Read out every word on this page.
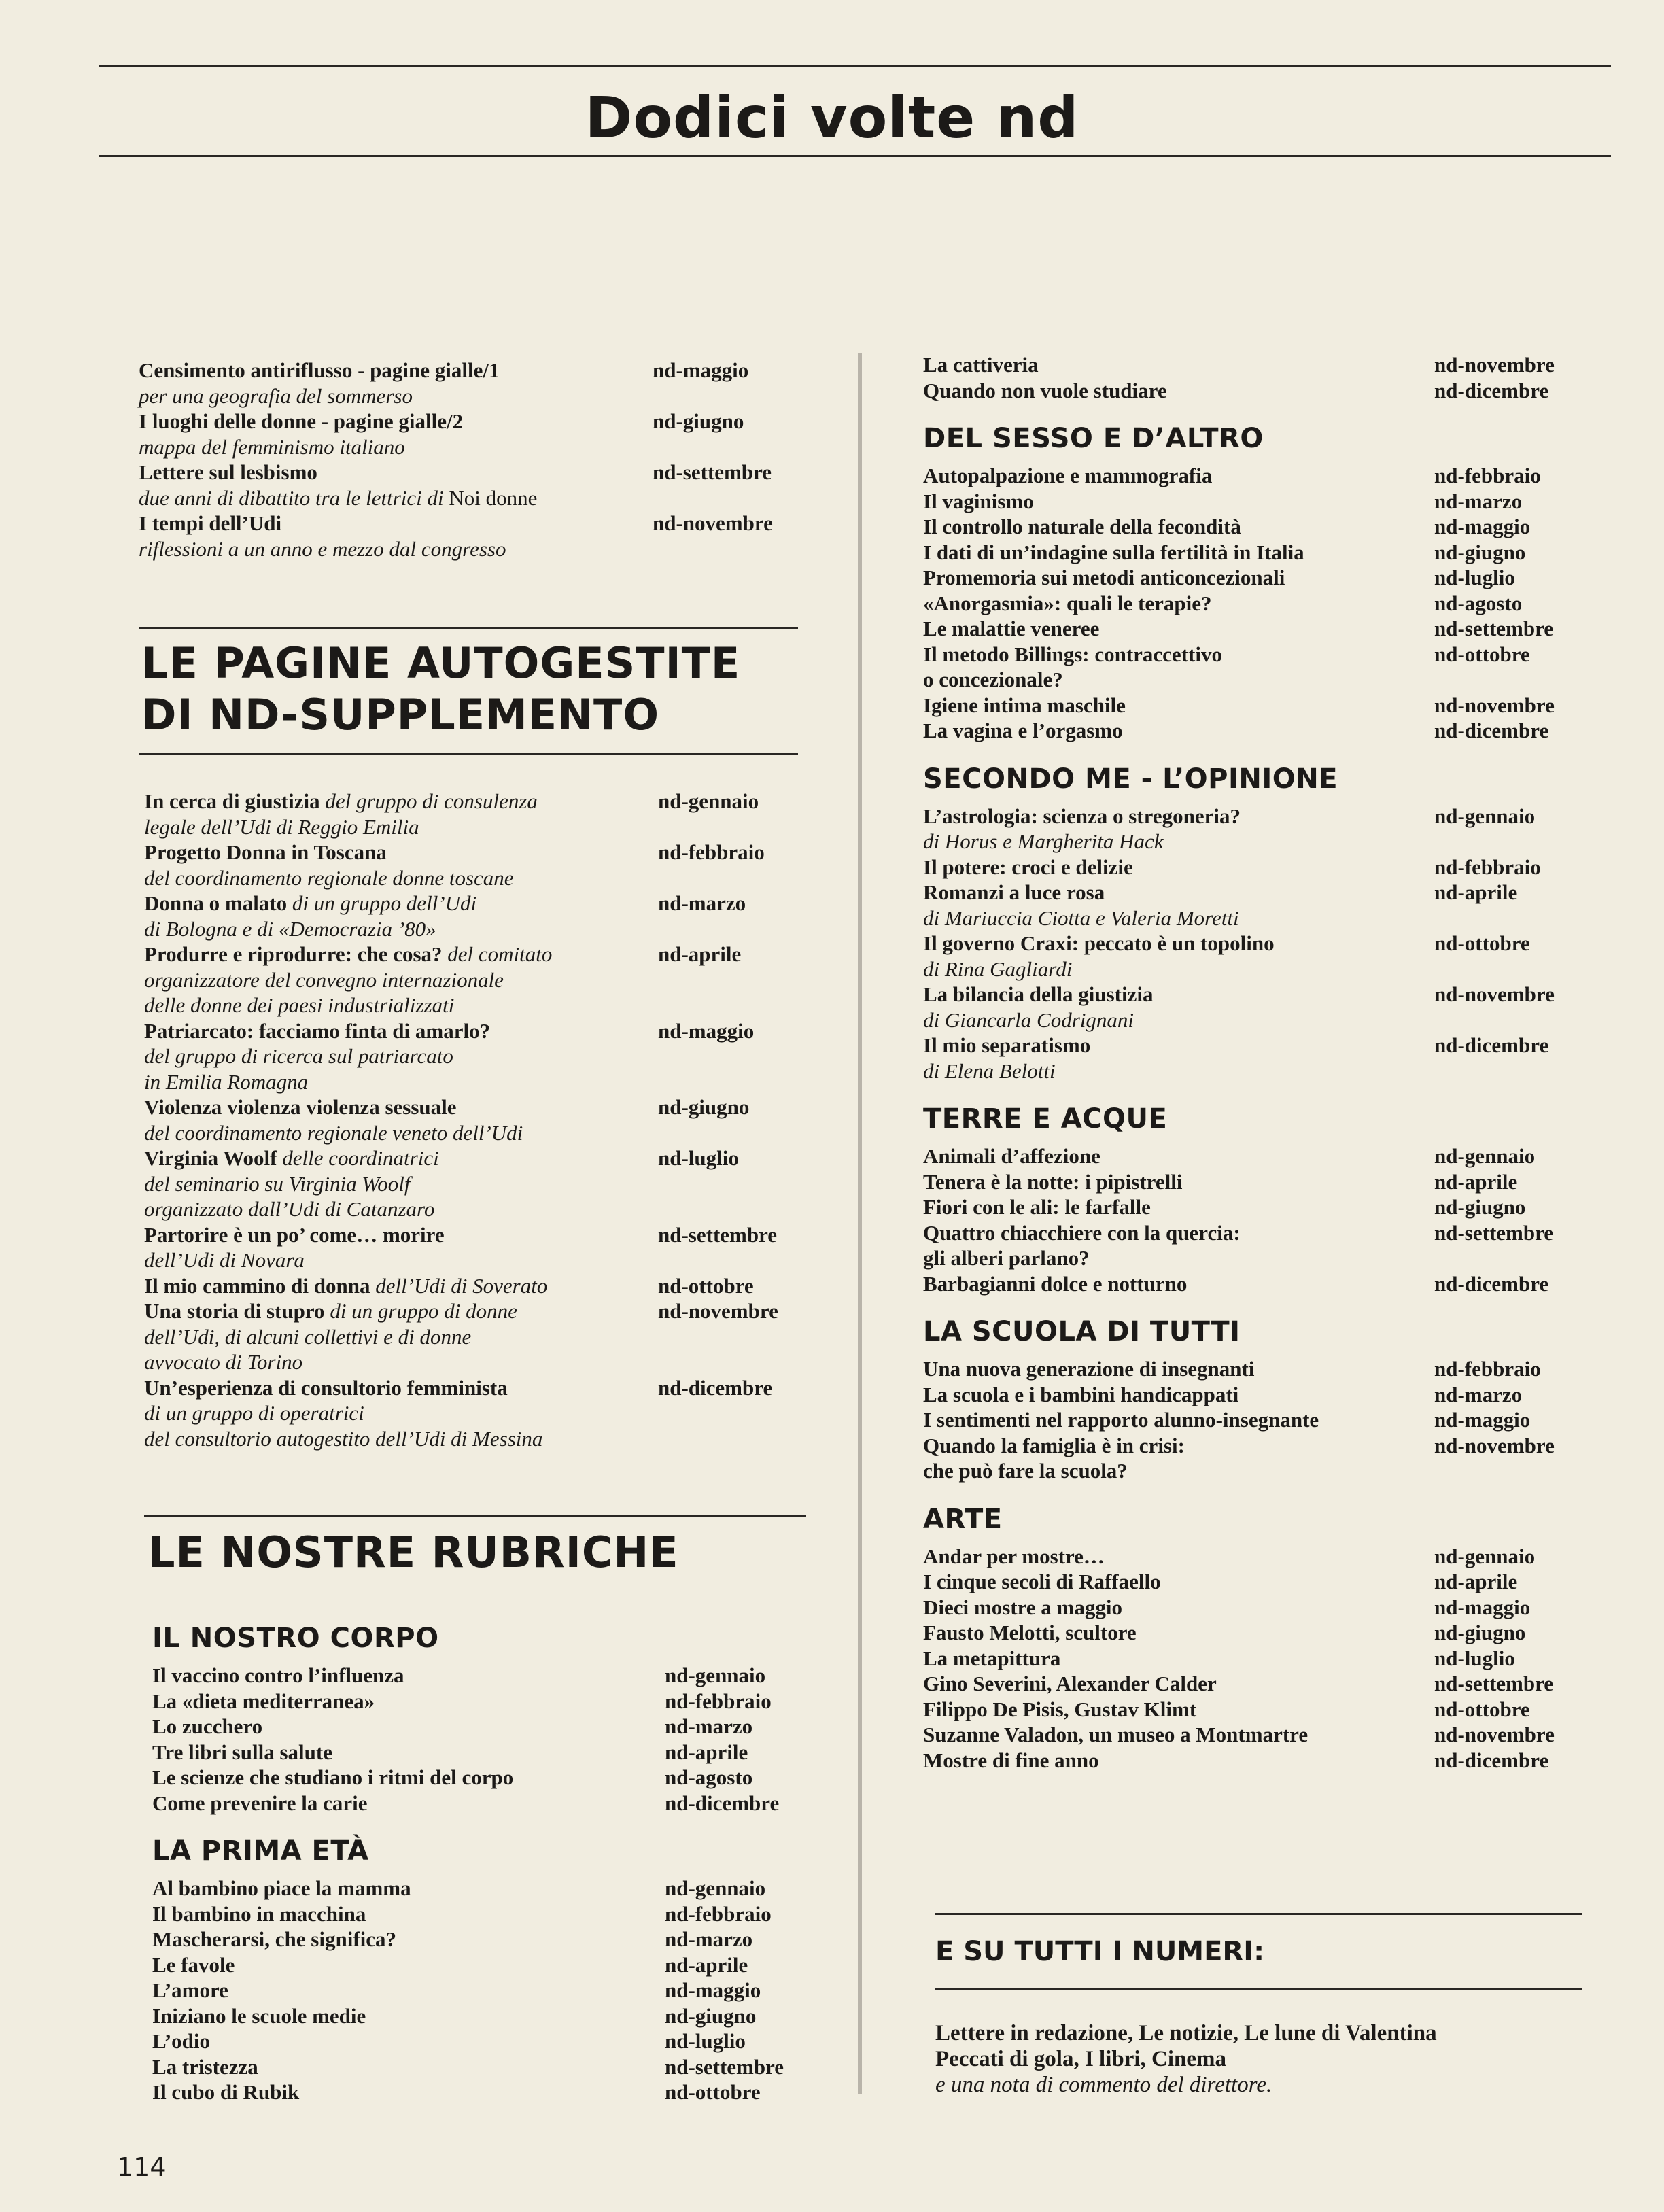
Dodici volte nd
Censimento antiriflusso - pagine gialle/1	nd-maggio
per una geografia del sommerso
I luoghi delle donne - pagine gialle/2	nd-giugno
mappa del femminismo italiano
Lettere sul lesbismo	nd-settembre
due anni di dibattito tra le lettrici di Noi donne
I tempi dell’Udi	nd-novembre
riflessioni a un anno e mezzo dal congresso
LE PAGINE AUTOGESTITE
DI ND-SUPPLEMENTO
In cerca di giustizia del gruppo di consulenza	nd-gennaio
legale dell’Udi di Reggio Emilia
Progetto Donna in Toscana	nd-febbraio
del coordinamento regionale donne toscane
Donna o malato di un gruppo dell’Udi	nd-marzo
di Bologna e di «Democrazia ’80»
Produrre e riprodurre: che cosa? del comitato	nd-aprile
organizzatore del convegno internazionale
delle donne dei paesi industrializzati
Patriarcato: facciamo finta di amarlo?	nd-maggio
del gruppo di ricerca sul patriarcato
in Emilia Romagna
Violenza violenza violenza sessuale	nd-giugno
del coordinamento regionale veneto dell’Udi
Virginia Woolf delle coordinatrici	nd-luglio
del seminario su Virginia Woolf
organizzato dall’Udi di Catanzaro
Partorire è un po’ come… morire	nd-settembre
dell’Udi di Novara
Il mio cammino di donna dell’Udi di Soverato	nd-ottobre
Una storia di stupro di un gruppo di donne	nd-novembre
dell’Udi, di alcuni collettivi e di donne
avvocato di Torino
Un’esperienza di consultorio femminista	nd-dicembre
di un gruppo di operatrici
del consultorio autogestito dell’Udi di Messina
LE NOSTRE RUBRICHE
IL NOSTRO CORPO
Il vaccino contro l’influenza	nd-gennaio
La «dieta mediterranea»	nd-febbraio
Lo zucchero	nd-marzo
Tre libri sulla salute	nd-aprile
Le scienze che studiano i ritmi del corpo	nd-agosto
Come prevenire la carie	nd-dicembre
LA PRIMA ETÀ
Al bambino piace la mamma	nd-gennaio
Il bambino in macchina	nd-febbraio
Mascherarsi, che significa?	nd-marzo
Le favole	nd-aprile
L’amore	nd-maggio
Iniziano le scuole medie	nd-giugno
L’odio	nd-luglio
La tristezza	nd-settembre
Il cubo di Rubik	nd-ottobre
114
La cattiveria	nd-novembre
Quando non vuole studiare	nd-dicembre
DEL SESSO E D’ALTRO
Autopalpazione e mammografia	nd-febbraio
Il vaginismo	nd-marzo
Il controllo naturale della fecondità	nd-maggio
I dati di un’indagine sulla fertilità in Italia	nd-giugno
Promemoria sui metodi anticoncezionali	nd-luglio
«Anorgasmia»: quali le terapie?	nd-agosto
Le malattie veneree	nd-settembre
Il metodo Billings: contraccettivo	nd-ottobre
o concezionale?
Igiene intima maschile	nd-novembre
La vagina e l’orgasmo	nd-dicembre
SECONDO ME - L’OPINIONE
L’astrologia: scienza o stregoneria?	nd-gennaio
di Horus e Margherita Hack
Il potere: croci e delizie	nd-febbraio
Romanzi a luce rosa	nd-aprile
di Mariuccia Ciotta e Valeria Moretti
Il governo Craxi: peccato è un topolino	nd-ottobre
di Rina Gagliardi
La bilancia della giustizia	nd-novembre
di Giancarla Codrignani
Il mio separatismo	nd-dicembre
di Elena Belotti
TERRE E ACQUE
Animali d’affezione	nd-gennaio
Tenera è la notte: i pipistrelli	nd-aprile
Fiori con le ali: le farfalle	nd-giugno
Quattro chiacchiere con la quercia:	nd-settembre
gli alberi parlano?
Barbagianni dolce e notturno	nd-dicembre
LA SCUOLA DI TUTTI
Una nuova generazione di insegnanti	nd-febbraio
La scuola e i bambini handicappati	nd-marzo
I sentimenti nel rapporto alunno-insegnante	nd-maggio
Quando la famiglia è in crisi:	nd-novembre
che può fare la scuola?
ARTE
Andar per mostre…	nd-gennaio
I cinque secoli di Raffaello	nd-aprile
Dieci mostre a maggio	nd-maggio
Fausto Melotti, scultore	nd-giugno
La metapittura	nd-luglio
Gino Severini, Alexander Calder	nd-settembre
Filippo De Pisis, Gustav Klimt	nd-ottobre
Suzanne Valadon, un museo a Montmartre	nd-novembre
Mostre di fine anno	nd-dicembre
E SU TUTTI I NUMERI:
Lettere in redazione, Le notizie, Le lune di Valentina
Peccati di gola, I libri, Cinema
e una nota di commento del direttore.
